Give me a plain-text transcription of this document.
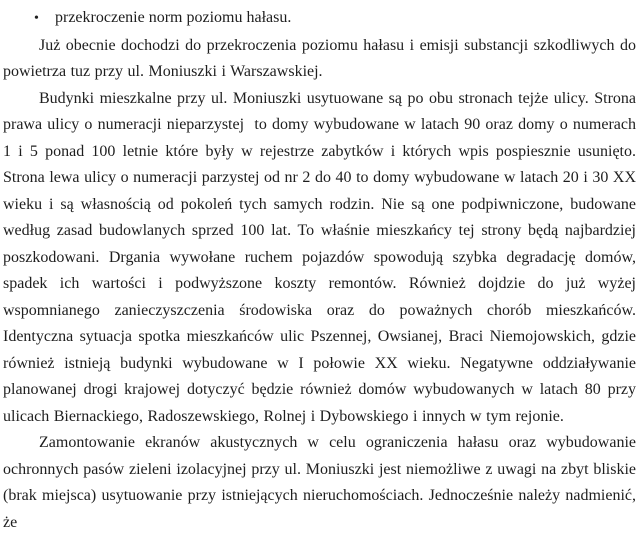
• przekroczenie norm poziomu hałasu.

Już obecnie dochodzi do przekroczenia poziomu hałasu i emisji substancji szkodliwych do powietrza tuz przy ul. Moniuszki i Warszawskiej.

Budynki mieszkalne przy ul. Moniuszki usytuowane są po obu stronach tejże ulicy. Strona prawa ulicy o numeracji nieparzystej  to domy wybudowane w latach 90 oraz domy o numerach 1 i 5 ponad 100 letnie które były w rejestrze zabytków i których wpis pospiesznie usunięto. Strona lewa ulicy o numeracji parzystej od nr 2 do 40 to domy wybudowane w latach 20 i 30 XX wieku i są własnością od pokoleń tych samych rodzin. Nie są one podpiwniczone, budowane według zasad budowlanych sprzed 100 lat. To właśnie mieszkańcy tej strony będą najbardziej poszkodowani. Drgania wywołane ruchem pojazdów spowodują szybka degradację domów, spadek ich wartości i podwyższone koszty remontów. Również dojdzie do już wyżej wspomnianego zanieczyszczenia środowiska oraz do poważnych chorób mieszkańców. Identyczna sytuacja spotka mieszkańców ulic Pszennej, Owsianej, Braci Niemojowskich, gdzie również istnieją budynki wybudowane w I połowie XX wieku. Negatywne oddziaływanie planowanej drogi krajowej dotyczyć będzie również domów wybudowanych w latach 80 przy ulicach Biernackiego, Radoszewskiego, Rolnej i Dybowskiego i innych w tym rejonie.

Zamontowanie ekranów akustycznych w celu ograniczenia hałasu oraz wybudowanie ochronnych pasów zieleni izolacyjnej przy ul. Moniuszki jest niemożliwe z uwagi na zbyt bliskie (brak miejsca) usytuowanie przy istniejących nieruchomościach. Jednocześnie należy nadmienić, że
